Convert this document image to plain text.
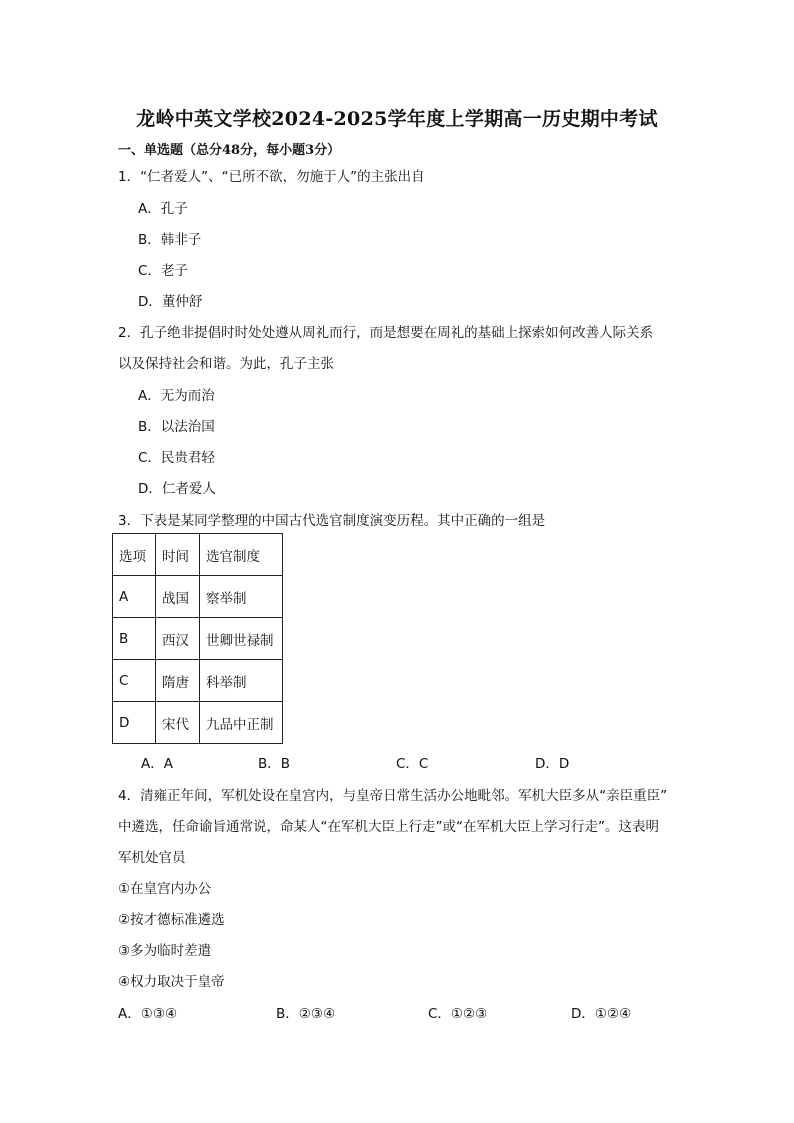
龙岭中英文学校2024-2025学年度上学期高一历史期中考试
一、单选题（总分48分，每小题3分）
1．“仁者爱人”、“已所不欲，勿施于人”的主张出自
A．孔子
B．韩非子
C．老子
D．董仲舒
2．孔子绝非提倡时时处处遵从周礼而行，而是想要在周礼的基础上探索如何改善人际关系
以及保持社会和谐。为此，孔子主张
A．无为而治
B．以法治国
C．民贵君轻
D．仁者爱人
3．下表是某同学整理的中国古代选官制度演变历程。其中正确的一组是
选项	时间	选官制度
A	战国	察举制
B	西汉	世卿世禄制
C	隋唐	科举制
D	宋代	九品中正制
A．A	B．B	C．C	D．D
4．清雍正年间，军机处设在皇宫内，与皇帝日常生活办公地毗邻。军机大臣多从“亲臣重臣”
中遴选，任命谕旨通常说，命某人“在军机大臣上行走”或“在军机大臣上学习行走”。这表明
军机处官员
①在皇宫内办公
②按才德标准遴选
③多为临时差遣
④权力取决于皇帝
A．①③④	B．②③④	C．①②③	D．①②④
